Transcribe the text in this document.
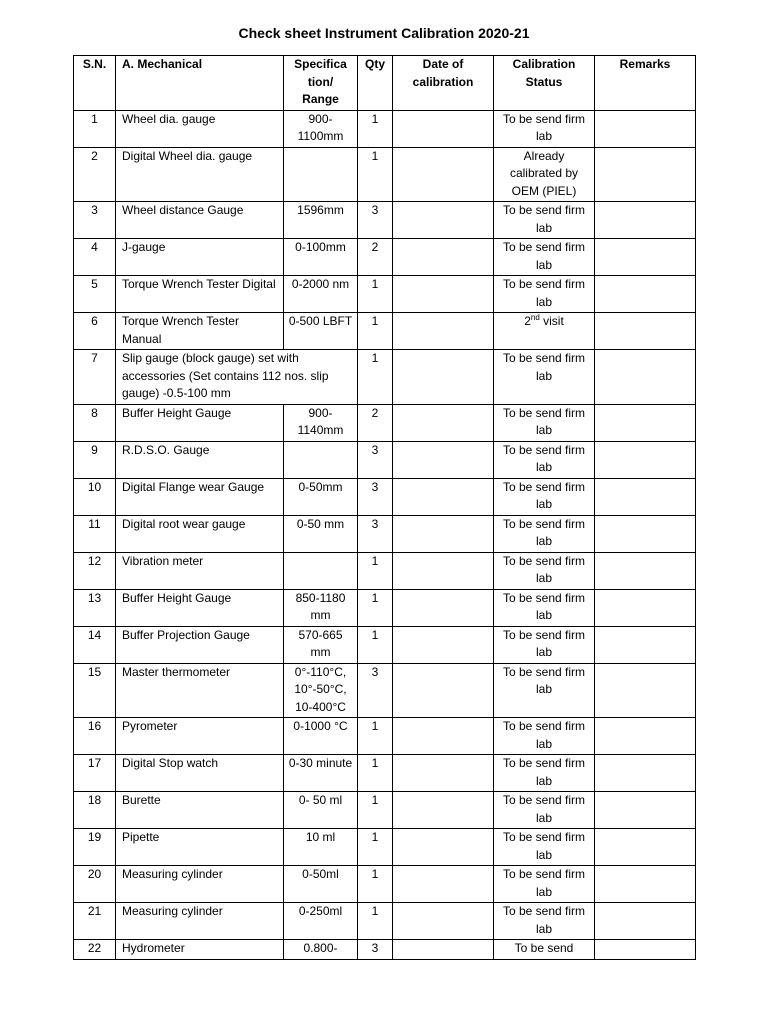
Check sheet Instrument Calibration 2020-21
S.N.	A. Mechanical	Specifica tion/ Range	Qty	Date of calibration	Calibration Status	Remarks
1	Wheel dia. gauge	900-1100mm	1		To be send firm lab	
2	Digital Wheel dia. gauge		1		Already calibrated by OEM (PIEL)	
3	Wheel distance Gauge	1596mm	3		To be send firm lab	
4	J-gauge	0-100mm	2		To be send firm lab	
5	Torque Wrench Tester Digital	0-2000 nm	1		To be send firm lab	
6	Torque Wrench Tester Manual	0-500 LBFT	1		2nd visit	
7	Slip gauge (block gauge) set with accessories (Set contains 112 nos. slip gauge) -0.5-100 mm		1		To be send firm lab	
8	Buffer Height Gauge	900-1140mm	2		To be send firm lab	
9	R.D.S.O. Gauge		3		To be send firm lab	
10	Digital Flange wear Gauge	0-50mm	3		To be send firm lab	
11	Digital root wear gauge	0-50 mm	3		To be send firm lab	
12	Vibration meter		1		To be send firm lab	
13	Buffer Height Gauge	850-1180 mm	1		To be send firm lab	
14	Buffer Projection Gauge	570-665 mm	1		To be send firm lab	
15	Master thermometer	0°-110°C, 10°-50°C, 10-400°C	3		To be send firm lab	
16	Pyrometer	0-1000 °C	1		To be send firm lab	
17	Digital Stop watch	0-30 minute	1		To be send firm lab	
18	Burette	0- 50 ml	1		To be send firm lab	
19	Pipette	10 ml	1		To be send firm lab	
20	Measuring cylinder	0-50ml	1		To be send firm lab	
21	Measuring cylinder	0-250ml	1		To be send firm lab	
22	Hydrometer	0.800-	3		To be send	
